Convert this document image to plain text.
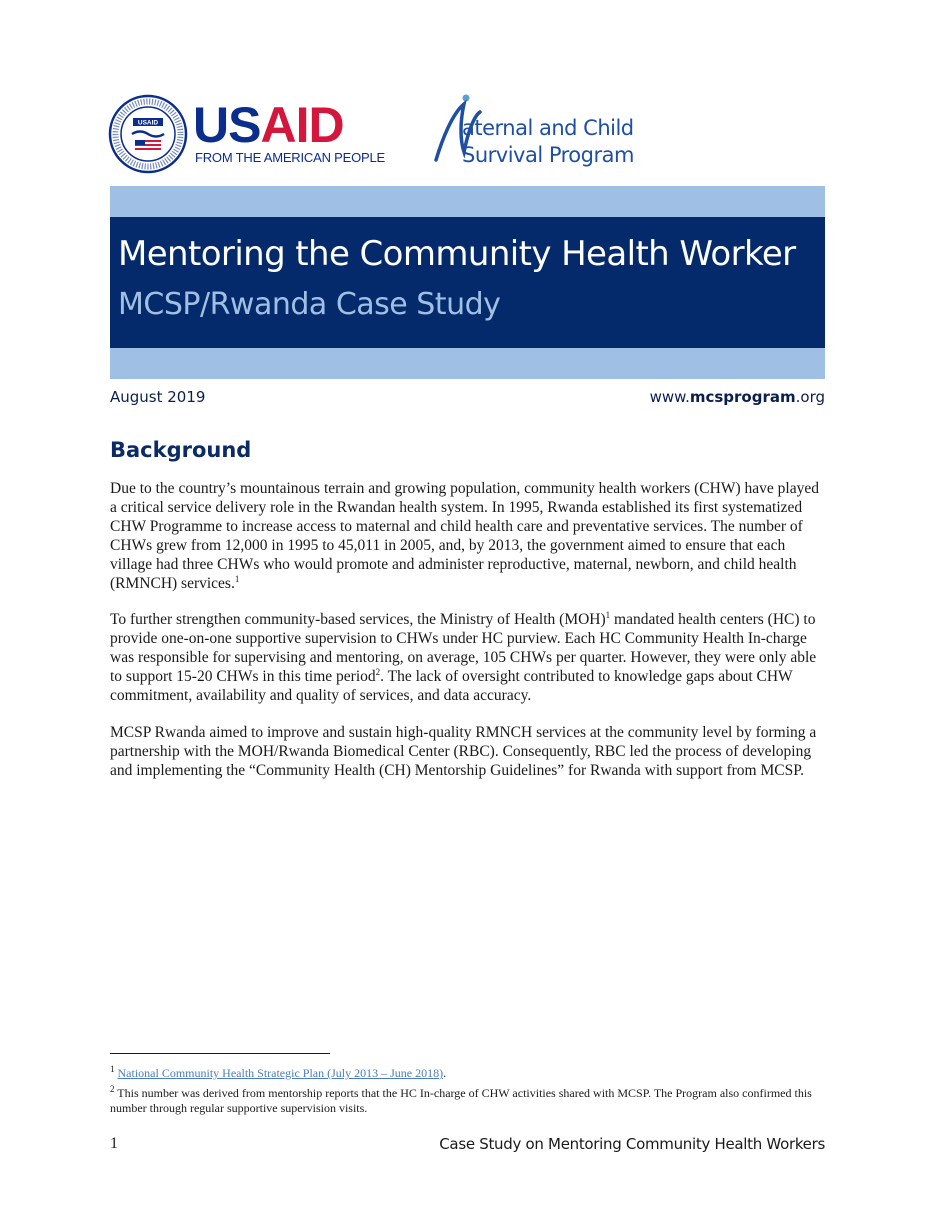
USAID USAID
FROM THE AMERICAN PEOPLE
aternal and Child
Survival Program
Mentoring the Community Health Worker
MCSP/Rwanda Case Study
August 2019	www.mcsprogram.org
Background
Due to the country’s mountainous terrain and growing population, community health workers (CHW) have played a critical service delivery role in the Rwandan health system. In 1995, Rwanda established its first systematized CHW Programme to increase access to maternal and child health care and preventative services. The number of CHWs grew from 12,000 in 1995 to 45,011 in 2005, and, by 2013, the government aimed to ensure that each village had three CHWs who would promote and administer reproductive, maternal, newborn, and child health (RMNCH) services.$^1$
To further strengthen community-based services, the Ministry of Health (MOH)$^1$ mandated health centers (HC) to provide one-on-one supportive supervision to CHWs under HC purview. Each HC Community Health In-charge was responsible for supervising and mentoring, on average, 105 CHWs per quarter. However, they were only able to support 15-20 CHWs in this time period$^2$. The lack of oversight contributed to knowledge gaps about CHW commitment, availability and quality of services, and data accuracy.
MCSP Rwanda aimed to improve and sustain high-quality RMNCH services at the community level by forming a partnership with the MOH/Rwanda Biomedical Center (RBC). Consequently, RBC led the process of developing and implementing the “Community Health (CH) Mentorship Guidelines” for Rwanda with support from MCSP.
$^1$ National Community Health Strategic Plan (July 2013 – June 2018).
$^2$ This number was derived from mentorship reports that the HC In-charge of CHW activities shared with MCSP. The Program also confirmed this number through regular supportive supervision visits.
1	Case Study on Mentoring Community Health Workers
